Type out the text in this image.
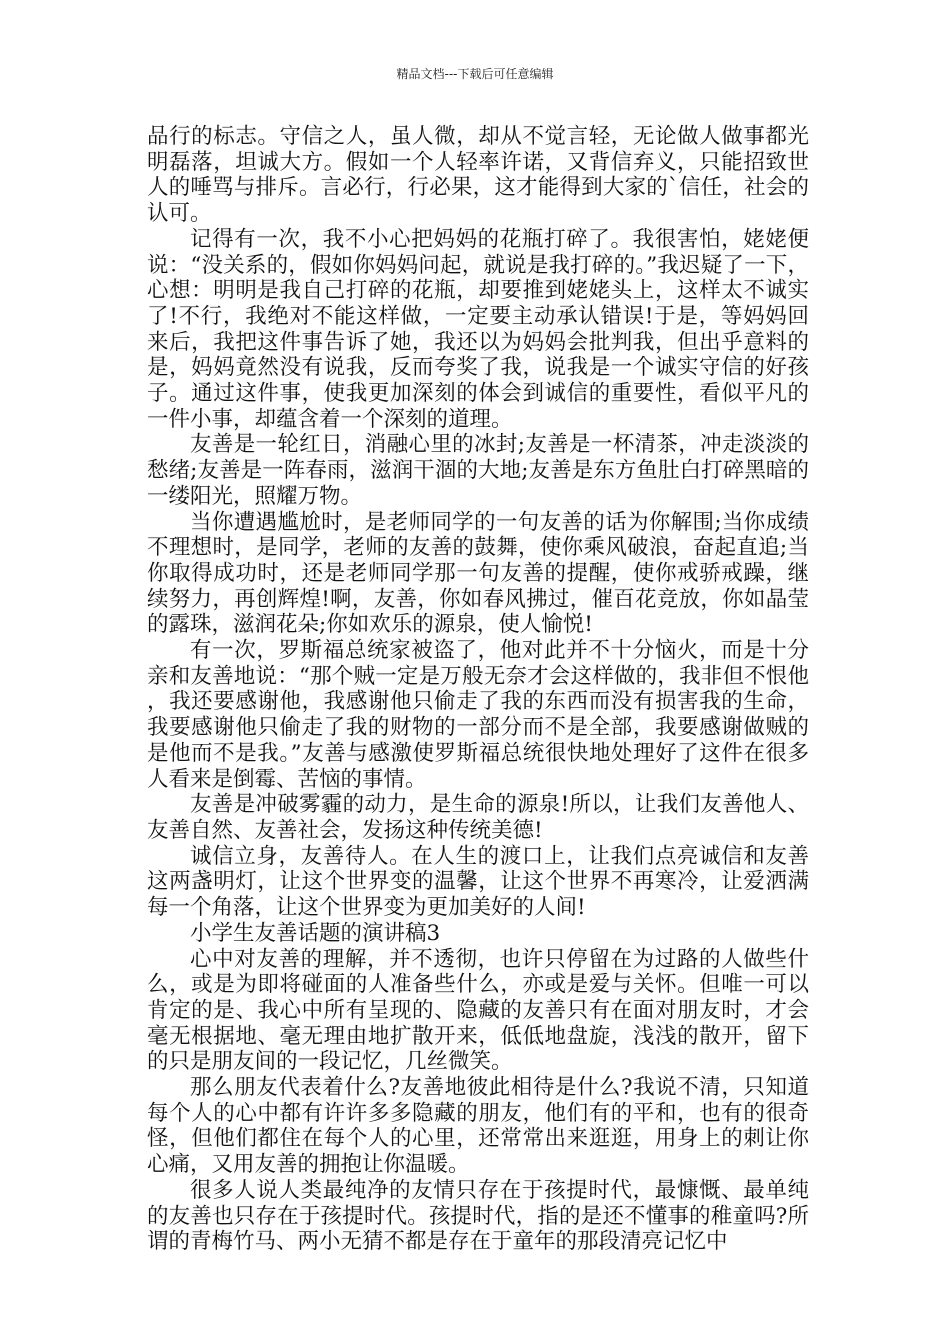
精品文档---下载后可任意编辑

品行的标志。守信之人，虽人微，却从不觉言轻，无论做人做事都光明磊落，坦诚大方。假如一个人轻率许诺，又背信弃义，只能招致世人的唾骂与排斥。言必行，行必果，这才能得到大家的`信任，社会的认可。

记得有一次，我不小心把妈妈的花瓶打碎了。我很害怕，姥姥便说：“没关系的，假如你妈妈问起，就说是我打碎的。”我迟疑了一下，心想：明明是我自己打碎的花瓶，却要推到姥姥头上，这样太不诚实了!不行，我绝对不能这样做，一定要主动承认错误!于是，等妈妈回来后，我把这件事告诉了她，我还以为妈妈会批判我，但出乎意料的是，妈妈竟然没有说我，反而夸奖了我，说我是一个诚实守信的好孩子。通过这件事，使我更加深刻的体会到诚信的重要性，看似平凡的一件小事，却蕴含着一个深刻的道理。

友善是一轮红日，消融心里的冰封;友善是一杯清茶，冲走淡淡的愁绪;友善是一阵春雨，滋润干涸的大地;友善是东方鱼肚白打碎黑暗的一缕阳光，照耀万物。

当你遭遇尴尬时，是老师同学的一句友善的话为你解围;当你成绩不理想时，是同学，老师的友善的鼓舞，使你乘风破浪，奋起直追;当你取得成功时，还是老师同学那一句友善的提醒，使你戒骄戒躁，继续努力，再创辉煌!啊，友善，你如春风拂过，催百花竞放，你如晶莹的露珠，滋润花朵;你如欢乐的源泉，使人愉悦!

有一次，罗斯福总统家被盗了，他对此并不十分恼火，而是十分亲和友善地说：“那个贼一定是万般无奈才会这样做的，我非但不恨他，我还要感谢他，我感谢他只偷走了我的东西而没有损害我的生命，我要感谢他只偷走了我的财物的一部分而不是全部，我要感谢做贼的是他而不是我。”友善与感激使罗斯福总统很快地处理好了这件在很多人看来是倒霉、苦恼的事情。

友善是冲破雾霾的动力，是生命的源泉!所以，让我们友善他人、友善自然、友善社会，发扬这种传统美德!

诚信立身，友善待人。在人生的渡口上，让我们点亮诚信和友善这两盏明灯，让这个世界变的温馨，让这个世界不再寒冷，让爱洒满每一个角落，让这个世界变为更加美好的人间!

小学生友善话题的演讲稿3

心中对友善的理解，并不透彻，也许只停留在为过路的人做些什么，或是为即将碰面的人准备些什么，亦或是爱与关怀。但唯一可以肯定的是、我心中所有呈现的、隐藏的友善只有在面对朋友时，才会毫无根据地、毫无理由地扩散开来，低低地盘旋，浅浅的散开，留下的只是朋友间的一段记忆，几丝微笑。

那么朋友代表着什么?友善地彼此相待是什么?我说不清，只知道每个人的心中都有许许多多隐藏的朋友，他们有的平和，也有的很奇怪，但他们都住在每个人的心里，还常常出来逛逛，用身上的刺让你心痛，又用友善的拥抱让你温暖。

很多人说人类最纯净的友情只存在于孩提时代，最慷慨、最单纯的友善也只存在于孩提时代。孩提时代，指的是还不懂事的稚童吗?所谓的青梅竹马、两小无猜不都是存在于童年的那段清亮记忆中
